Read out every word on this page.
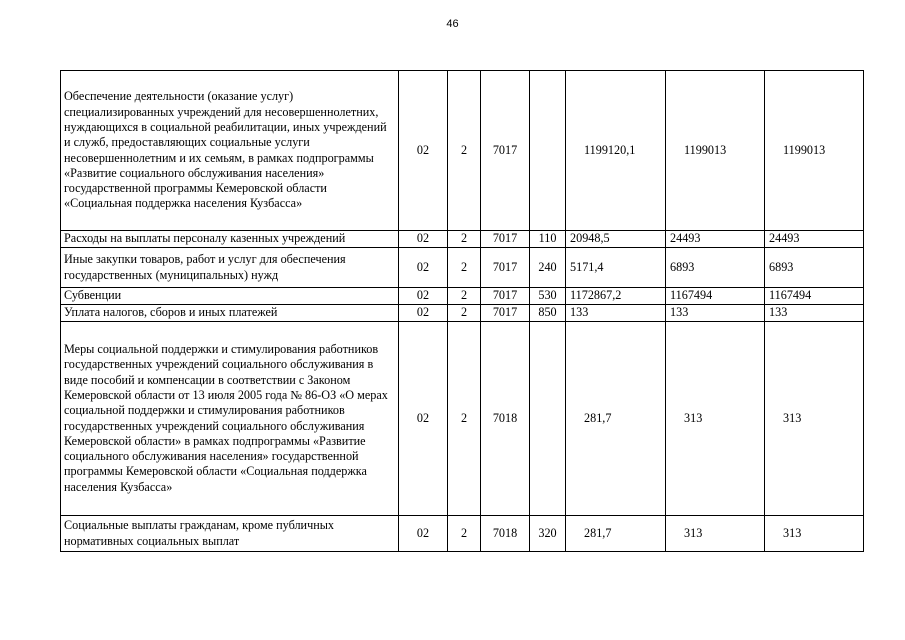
46
Обеспечение деятельности (оказание услуг) специализированных учреждений для несовершеннолетних, нуждающихся в социальной реабилитации, иных учреждений и служб, предоставляющих социальные услуги несовершеннолетним и их семьям, в рамках подпрограммы «Развитие социального обслуживания населения» государственной программы Кемеровской области «Социальная поддержка населения Кузбасса»	02	2	7017		1199120,1	1199013	1199013
Расходы на выплаты персоналу казенных учреждений	02	2	7017	110	20948,5	24493	24493
Иные закупки товаров, работ и услуг для обеспечения государственных (муниципальных) нужд	02	2	7017	240	5171,4	6893	6893
Субвенции	02	2	7017	530	1172867,2	1167494	1167494
Уплата налогов, сборов и иных платежей	02	2	7017	850	133	133	133
Меры социальной поддержки и стимулирования работников государственных учреждений социального обслуживания в виде пособий и компенсации в соответствии с Законом Кемеровской области от 13 июля 2005 года № 86-ОЗ «О мерах социальной поддержки и стимулирования работников государственных учреждений социального обслуживания Кемеровской области» в рамках подпрограммы «Развитие социального обслуживания населения» государственной программы Кемеровской области «Социальная поддержка населения Кузбасса»	02	2	7018		281,7	313	313
Социальные выплаты гражданам, кроме публичных нормативных социальных выплат	02	2	7018	320	281,7	313	313
